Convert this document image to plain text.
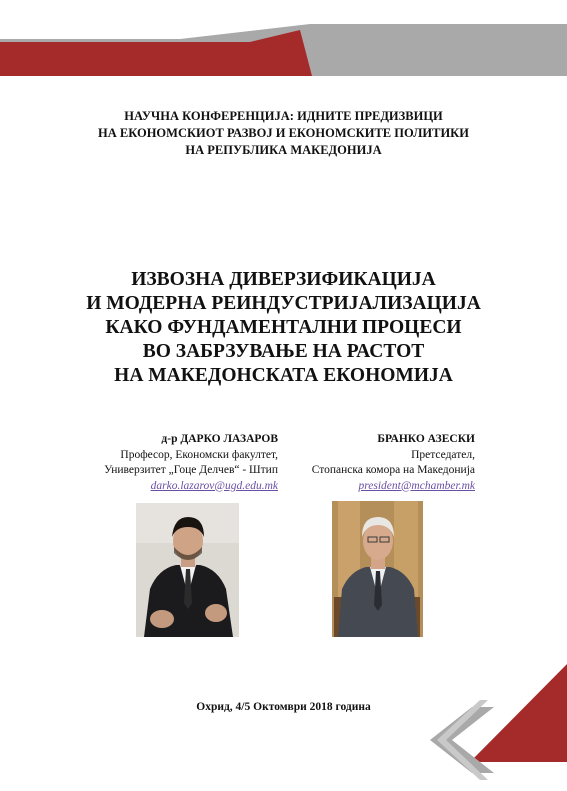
НАУЧНА КОНФЕРЕНЦИЈА: ИДНИТЕ ПРЕДИЗВИЦИ
НА ЕКОНОМСКИОТ РАЗВОЈ И ЕКОНОМСКИТЕ ПОЛИТИКИ
НА РЕПУБЛИКА МАКЕДОНИЈА
ИЗВОЗНА ДИВЕРЗИФИКАЦИЈА
И МОДЕРНА РЕИНДУСТРИЈАЛИЗАЦИЈА
КАКО ФУНДАМЕНТАЛНИ ПРОЦЕСИ
ВО ЗАБРЗУВАЊЕ НА РАСТОТ
НА МАКЕДОНСКАТА ЕКОНОМИЈА
д-р ДАРКО ЛАЗАРОВ
Професор, Економски факултет,
Универзитет „Гоце Делчев“ - Штип
darko.lazarov@ugd.edu.mk
БРАНКО АЗЕСКИ
Претседател,
Стопанска комора на Македонија
president@mchamber.mk

Охрид, 4/5 Октомври 2018 година
